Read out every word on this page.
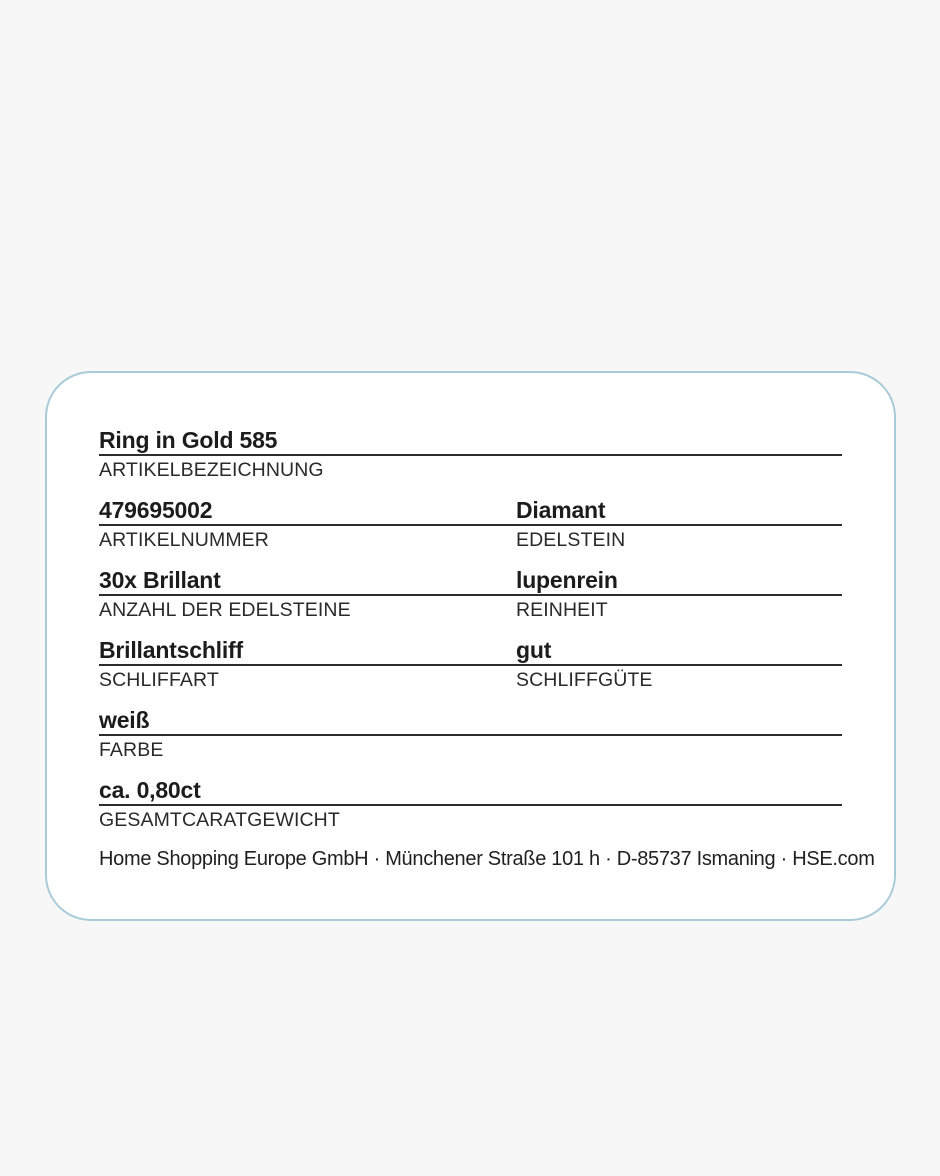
Ring in Gold 585
ARTIKELBEZEICHNUNG
479695002	Diamant
ARTIKELNUMMER	EDELSTEIN
30x Brillant	lupenrein
ANZAHL DER EDELSTEINE	REINHEIT
Brillantschliff	gut
SCHLIFFART	SCHLIFFGÜTE
weiß
FARBE
ca. 0,80ct
GESAMTCARATGEWICHT
Home Shopping Europe GmbH · Münchener Straße 101 h · D-85737 Ismaning · HSE.com
